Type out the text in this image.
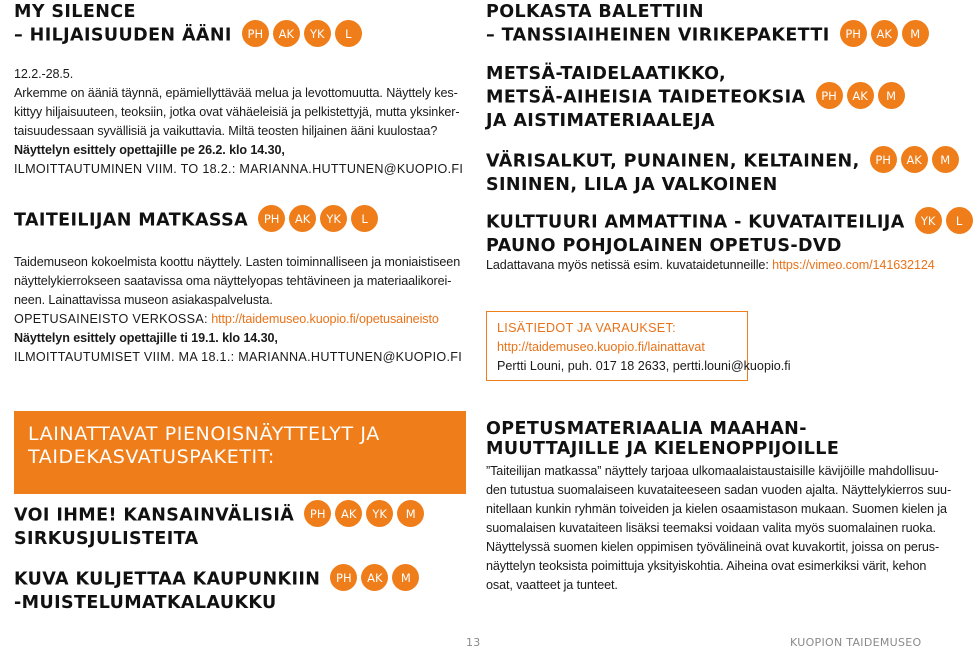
MY SILENCE
– HILJAISUUDEN ÄÄNI	PH	AK	YK	L
12.2.-28.5.
Arkemme on ääniä täynnä, epämiellyttävää melua ja levottomuutta. Näyttely kes-
kittyy hiljaisuuteen, teoksiin, jotka ovat vähäeleisiä ja pelkistettyjä, mutta yksinker-
taisuudessaan syvällisiä ja vaikuttavia. Miltä teosten hiljainen ääni kuulostaa?
Näyttelyn esittely opettajille pe 26.2. klo 14.30,
ILMOITTAUTUMINEN VIIM. TO 18.2.: MARIANNA.HUTTUNEN@KUOPIO.FI
TAITEILIJAN MATKASSA	PH	AK	YK	L
Taidemuseon kokoelmista koottu näyttely. Lasten toiminnalliseen ja moniaistiseen
näyttelykierrokseen saatavissa oma näyttelyopas tehtävineen ja materiaalikorei-
neen. Lainattavissa museon asiakaspalvelusta.
OPETUSAINEISTO VERKOSSA: http://taidemuseo.kuopio.fi/opetusaineisto
Näyttelyn esittely opettajille ti 19.1. klo 14.30,
ILMOITTAUTUMISET VIIM. MA 18.1.: MARIANNA.HUTTUNEN@KUOPIO.FI
LAINATTAVAT PIENOISNÄYTTELYT JA
TAIDEKASVATUSPAKETIT:
VOI IHME! KANSAINVÄLISIÄ	PH	AK	YK	M
SIRKUSJULISTEITA
KUVA KULJETTAA KAUPUNKIIN	PH	AK	M
-MUISTELUMATKALAUKKU
POLKASTA BALETTIIN
– TANSSIAIHEINEN VIRIKEPAKETTI	PH	AK	M
METSÄ-TAIDELAATIKKO,
METSÄ-AIHEISIA TAIDETEOKSIA	PH	AK	M
JA AISTIMATERIAALEJA
VÄRISALKUT, PUNAINEN, KELTAINEN,	PH	AK	M
SININEN, LILA JA VALKOINEN
KULTTUURI AMMATTINA - KUVATAITEILIJA	YK	L
PAUNO POHJOLAINEN OPETUS-DVD
Ladattavana myös netissä esim. kuvataidetunneille: https://vimeo.com/141632124
LISÄTIEDOT JA VARAUKSET:
http://taidemuseo.kuopio.fi/lainattavat
Pertti Louni, puh. 017 18 2633, pertti.louni@kuopio.fi
OPETUSMATERIAALIA MAAHAN-
MUUTTAJILLE JA KIELENOPPIJOILLE
”Taiteilijan matkassa” näyttely tarjoaa ulkomaalaistaustaisille kävijöille mahdollisuu-
den tutustua suomalaiseen kuvataiteeseen sadan vuoden ajalta. Näyttelykierros suu-
nitellaan kunkin ryhmän toiveiden ja kielen osaamistason mukaan. Suomen kielen ja
suomalaisen kuvataiteen lisäksi teemaksi voidaan valita myös suomalainen ruoka.
Näyttelyssä suomen kielen oppimisen työvälineinä ovat kuvakortit, joissa on perus-
näyttelyn teoksista poimittuja yksityiskohtia. Aiheina ovat esimerkiksi värit, kehon
osat, vaatteet ja tunteet.
13	KUOPION TAIDEMUSEO
